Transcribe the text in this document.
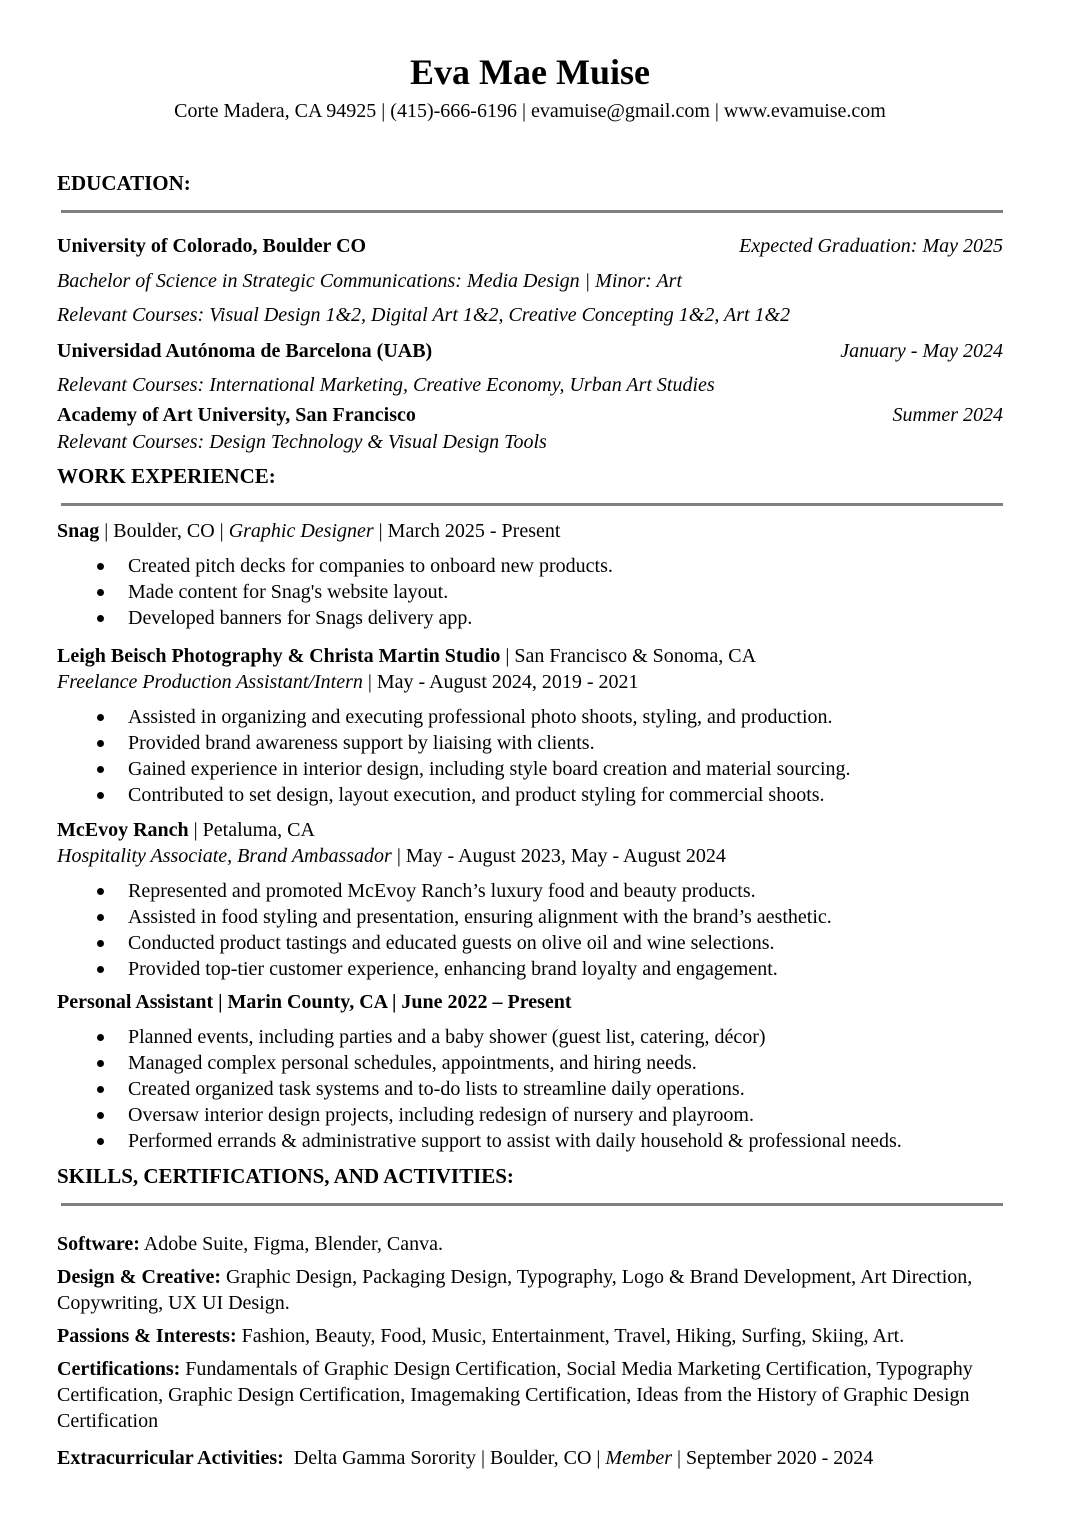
Eva Mae Muise

Corte Madera, CA 94925 | (415)-666-6196 | evamuise@gmail.com | www.evamuise.com

EDUCATION:
University of Colorado, Boulder CO	Expected Graduation: May 2025

Bachelor of Science in Strategic Communications: Media Design | Minor: Art

Relevant Courses: Visual Design 1&2, Digital Art 1&2, Creative Concepting 1&2, Art 1&2

Universidad Autónoma de Barcelona (UAB)	January - May 2024

Relevant Courses: International Marketing, Creative Economy, Urban Art Studies

Academy of Art University, San Francisco	Summer 2024

Relevant Courses: Design Technology & Visual Design Tools

WORK EXPERIENCE:

Snag | Boulder, CO | Graphic Designer | March 2025 - Present

Created pitch decks for companies to onboard new products.
Made content for Snag's website layout.
Developed banners for Snags delivery app.

Leigh Beisch Photography & Christa Martin Studio | San Francisco & Sonoma, CA
Freelance Production Assistant/Intern | May - August 2024, 2019 - 2021

Assisted in organizing and executing professional photo shoots, styling, and production.
Provided brand awareness support by liaising with clients.
Gained experience in interior design, including style board creation and material sourcing.
Contributed to set design, layout execution, and product styling for commercial shoots.

McEvoy Ranch | Petaluma, CA
Hospitality Associate, Brand Ambassador | May - August 2023, May - August 2024

Represented and promoted McEvoy Ranch’s luxury food and beauty products.
Assisted in food styling and presentation, ensuring alignment with the brand’s aesthetic.
Conducted product tastings and educated guests on olive oil and wine selections.
Provided top-tier customer experience, enhancing brand loyalty and engagement.

Personal Assistant | Marin County, CA | June 2022 – Present

Planned events, including parties and a baby shower (guest list, catering, décor)
Managed complex personal schedules, appointments, and hiring needs.
Created organized task systems and to-do lists to streamline daily operations.
Oversaw interior design projects, including redesign of nursery and playroom.
Performed errands & administrative support to assist with daily household & professional needs.
SKILLS, CERTIFICATIONS, AND ACTIVITIES:

Software: Adobe Suite, Figma, Blender, Canva.

Design & Creative: Graphic Design, Packaging Design, Typography, Logo & Brand Development, Art Direction, Copywriting, UX UI Design.

Passions & Interests: Fashion, Beauty, Food, Music, Entertainment, Travel, Hiking, Surfing, Skiing, Art.

Certifications: Fundamentals of Graphic Design Certification, Social Media Marketing Certification, Typography Certification, Graphic Design Certification, Imagemaking Certification, Ideas from the History of Graphic Design Certification

Extracurricular Activities:  Delta Gamma Sorority | Boulder, CO | Member | September 2020 - 2024
